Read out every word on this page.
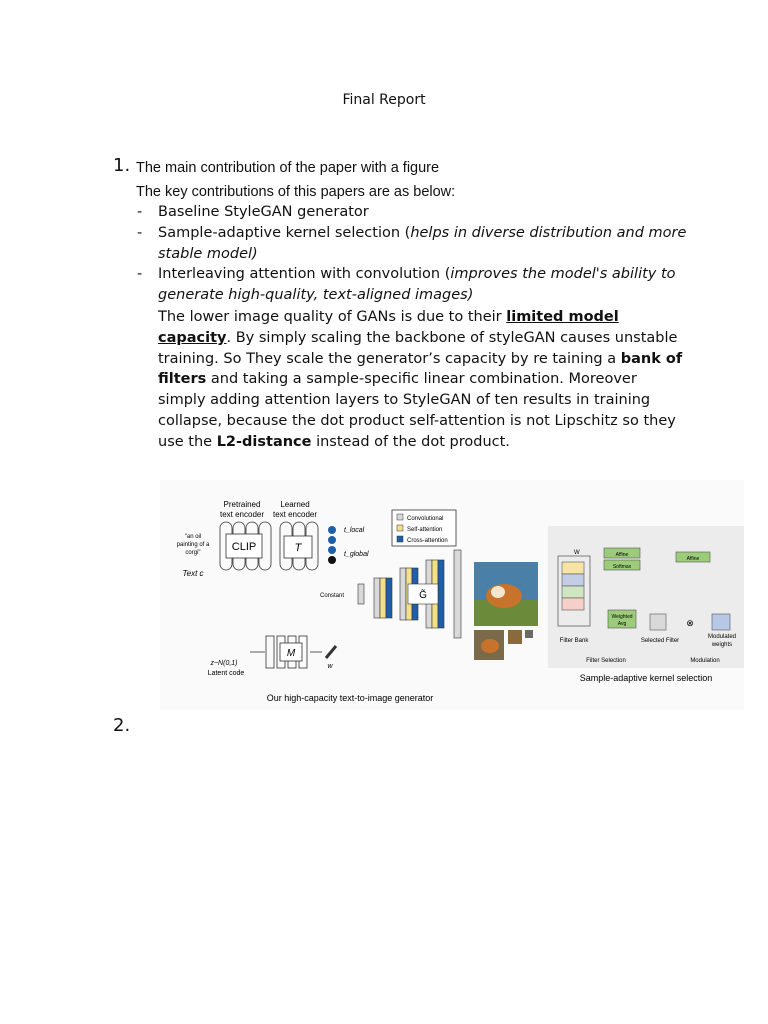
Final Report
1. The main contribution of the paper with a figure
The key contributions of this papers are as below:
- Baseline StyleGAN generator
- Sample-adaptive kernel selection (helps in diverse distribution and more stable model)
- Interleaving attention with convolution (improves the model's ability to generate high-quality, text-aligned images)
The lower image quality of GANs is due to their limited model capacity. By simply scaling the backbone of styleGAN causes unstable training. So They scale the generator’s capacity by re taining a bank of filters and taking a sample-specific linear combination. Moreover simply adding attention layers to StyleGAN of ten results in training collapse, because the dot product self-attention is not Lipschitz so they use the L2-distance instead of the dot product.
Pretrained
text encoder
Learned
text encoder
"an oil
painting of a
corgi"
Text c
CLIP	T
t_local
t_global
Convolutional
Self-attention
Cross-attention
Constant	G̃
M
w
z~N(0,1)
Latent code
Our high-capacity text-to-image generator
W	Affine
Softmax
Weighted
Avg
Affine
⊗
Filter Bank	Selected Filter
Modulated
weights
Filter Selection	Modulation
Sample-adaptive kernel selection
2.
